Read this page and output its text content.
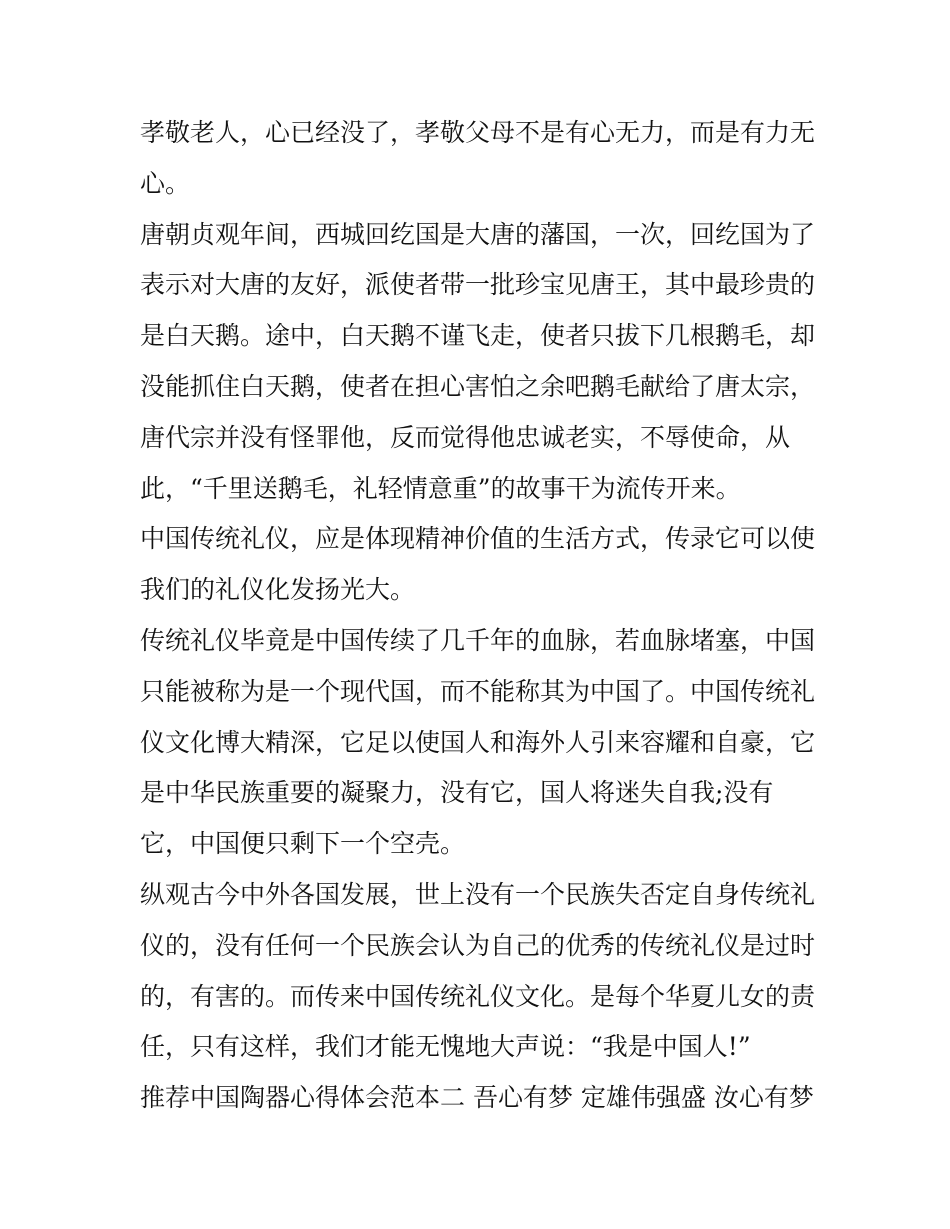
孝敬老人，心已经没了，孝敬父母不是有心无力，而是有力无
心。
唐朝贞观年间，西城回纥国是大唐的藩国，一次，回纥国为了
表示对大唐的友好，派使者带一批珍宝见唐王，其中最珍贵的
是白天鹅。途中，白天鹅不谨飞走，使者只拔下几根鹅毛，却
没能抓住白天鹅，使者在担心害怕之余吧鹅毛献给了唐太宗，
唐代宗并没有怪罪他，反而觉得他忠诚老实，不辱使命，从
此，“千里送鹅毛，礼轻情意重”的故事干为流传开来。
中国传统礼仪，应是体现精神价值的生活方式，传录它可以使
我们的礼仪化发扬光大。
传统礼仪毕竟是中国传续了几千年的血脉，若血脉堵塞，中国
只能被称为是一个现代国，而不能称其为中国了。中国传统礼
仪文化博大精深，它足以使国人和海外人引来容耀和自豪，它
是中华民族重要的凝聚力，没有它，国人将迷失自我;没有
它，中国便只剩下一个空壳。
纵观古今中外各国发展，世上没有一个民族失否定自身传统礼
仪的，没有任何一个民族会认为自己的优秀的传统礼仪是过时
的，有害的。而传来中国传统礼仪文化。是每个华夏儿女的责
任，只有这样，我们才能无愧地大声说：“我是中国人!”
推荐中国陶器心得体会范本二 吾心有梦 定雄伟强盛 汝心有梦
